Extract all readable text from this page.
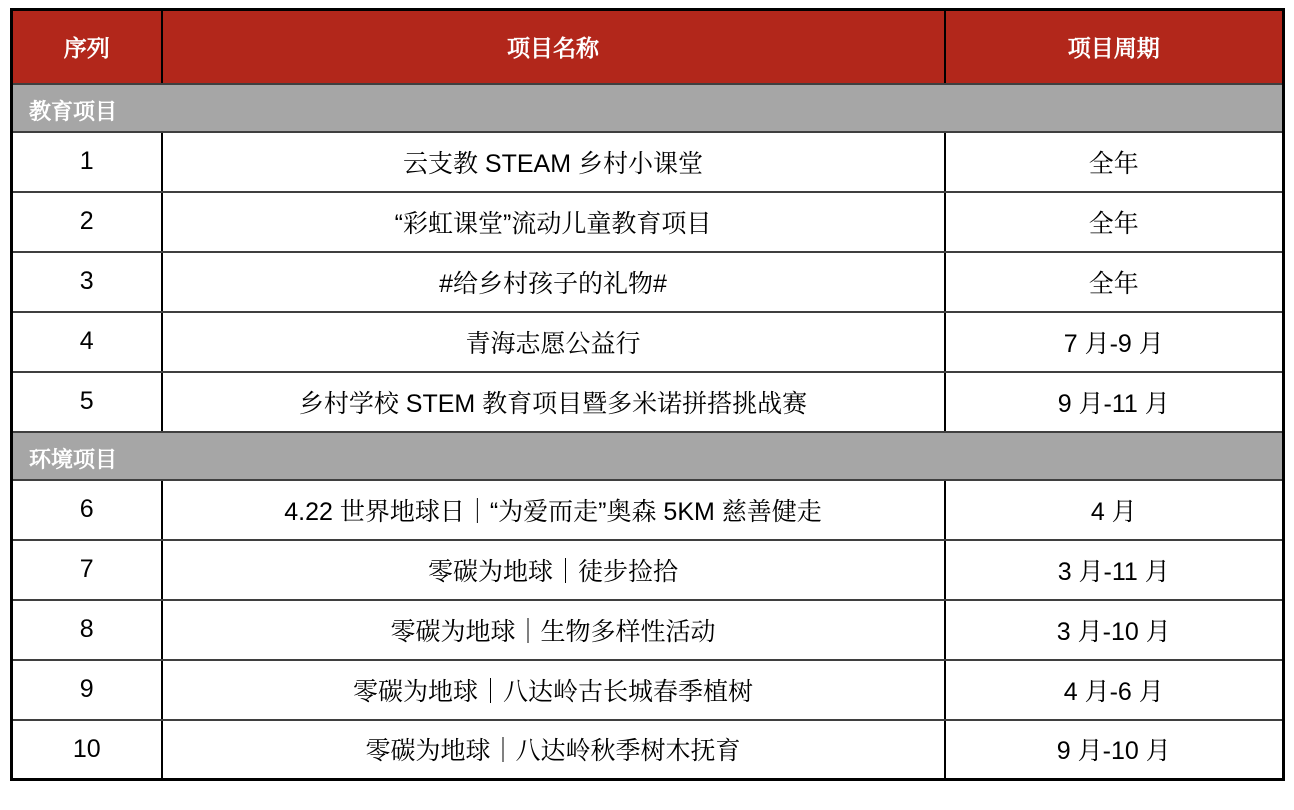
序列	项目名称	项目周期
教育项目		
1	云支教 STEAM 乡村小课堂	全年
2	“彩虹课堂”流动儿童教育项目	全年
3	#给乡村孩子的礼物#	全年
4	青海志愿公益行	7 月-9 月
5	乡村学校 STEM 教育项目暨多米诺拼搭挑战赛	9 月-11 月
环境项目		
6	4.22 世界地球日｜“为爱而走”奥森 5KM 慈善健走	4 月
7	零碳为地球｜徒步捡拾	3 月-11 月
8	零碳为地球｜生物多样性活动	3 月-10 月
9	零碳为地球｜八达岭古长城春季植树	4 月-6 月
10	零碳为地球｜八达岭秋季树木抚育	9 月-10 月
